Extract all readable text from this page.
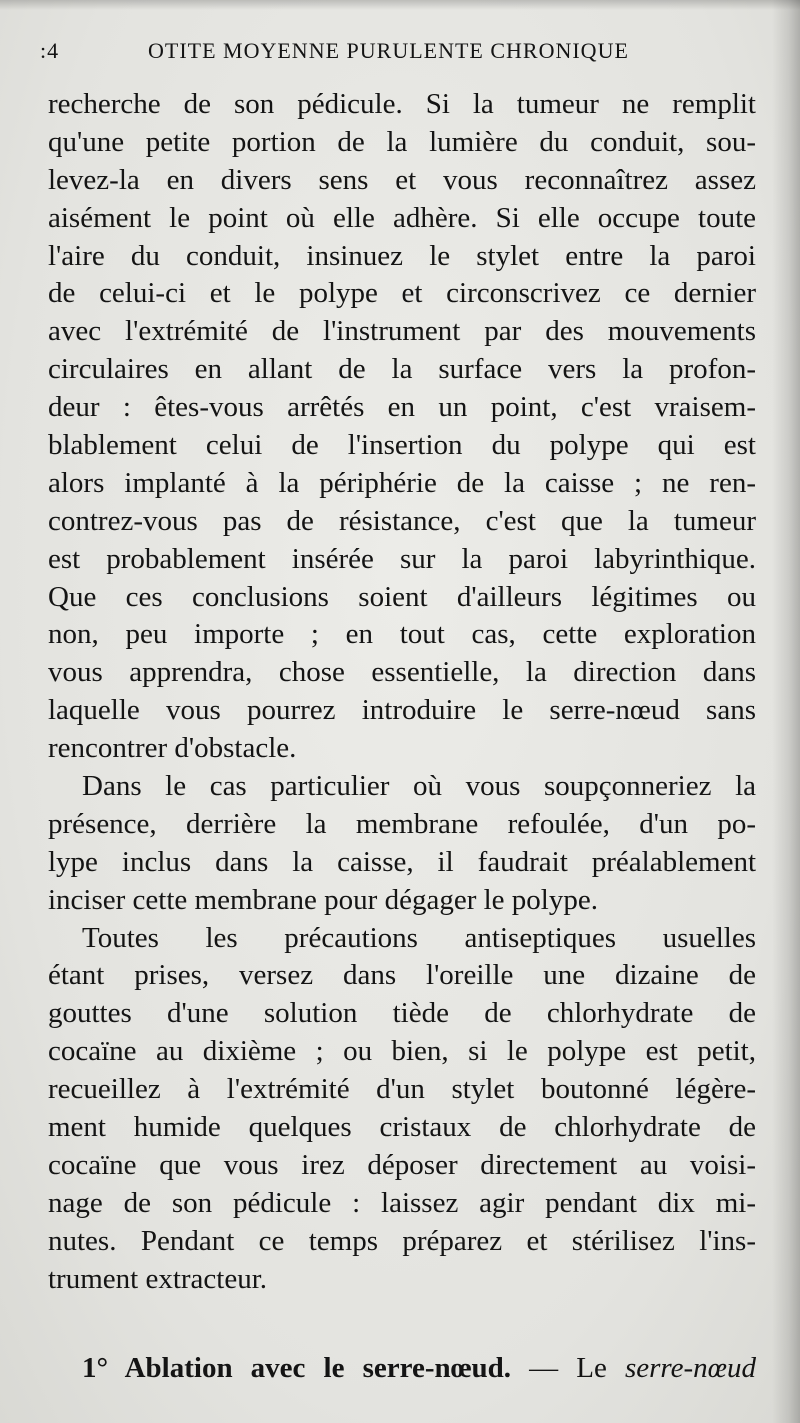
:4	OTITE MOYENNE PURULENTE CHRONIQUE
recherche de son pédicule. Si la tumeur ne remplit
qu'une petite portion de la lumière du conduit, sou-
levez-la en divers sens et vous reconnaîtrez assez
aisément le point où elle adhère. Si elle occupe toute
l'aire du conduit, insinuez le stylet entre la paroi
de celui-ci et le polype et circonscrivez ce dernier
avec l'extrémité de l'instrument par des mouvements
circulaires en allant de la surface vers la profon-
deur : êtes-vous arrêtés en un point, c'est vraisem-
blablement celui de l'insertion du polype qui est
alors implanté à la périphérie de la caisse ; ne ren-
contrez-vous pas de résistance, c'est que la tumeur
est probablement insérée sur la paroi labyrinthique.
Que ces conclusions soient d'ailleurs légitimes ou
non, peu importe ; en tout cas, cette exploration
vous apprendra, chose essentielle, la direction dans
laquelle vous pourrez introduire le serre-nœud sans
rencontrer d'obstacle.
Dans le cas particulier où vous soupçonneriez la
présence, derrière la membrane refoulée, d'un po-
lype inclus dans la caisse, il faudrait préalablement
inciser cette membrane pour dégager le polype.
Toutes les précautions antiseptiques usuelles
étant prises, versez dans l'oreille une dizaine de
gouttes d'une solution tiède de chlorhydrate de
cocaïne au dixième ; ou bien, si le polype est petit,
recueillez à l'extrémité d'un stylet boutonné légère-
ment humide quelques cristaux de chlorhydrate de
cocaïne que vous irez déposer directement au voisi-
nage de son pédicule : laissez agir pendant dix mi-
nutes. Pendant ce temps préparez et stérilisez l'ins-
trument extracteur.
1° Ablation avec le serre-nœud. — Le serre-nœud
